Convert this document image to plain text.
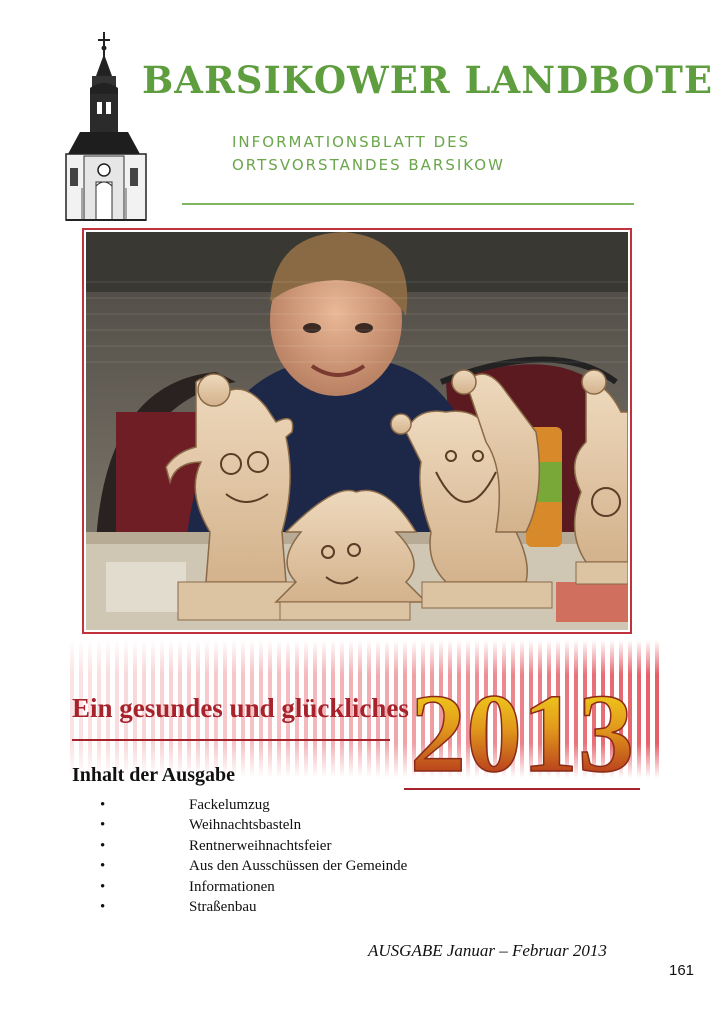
BARSIKOWER LANDBOTE
INFORMATIONSBLATT DES
ORTSVORSTANDES BARSIKOW
Ein gesundes und glückliches 2013
Inhalt der Ausgabe
•	Fackelumzug
•	Weihnachtsbasteln
•	Rentnerweihnachtsfeier
•	Aus den Ausschüssen der Gemeinde
•	Informationen
•	Straßenbau
AUSGABE Januar – Februar 2013
161
